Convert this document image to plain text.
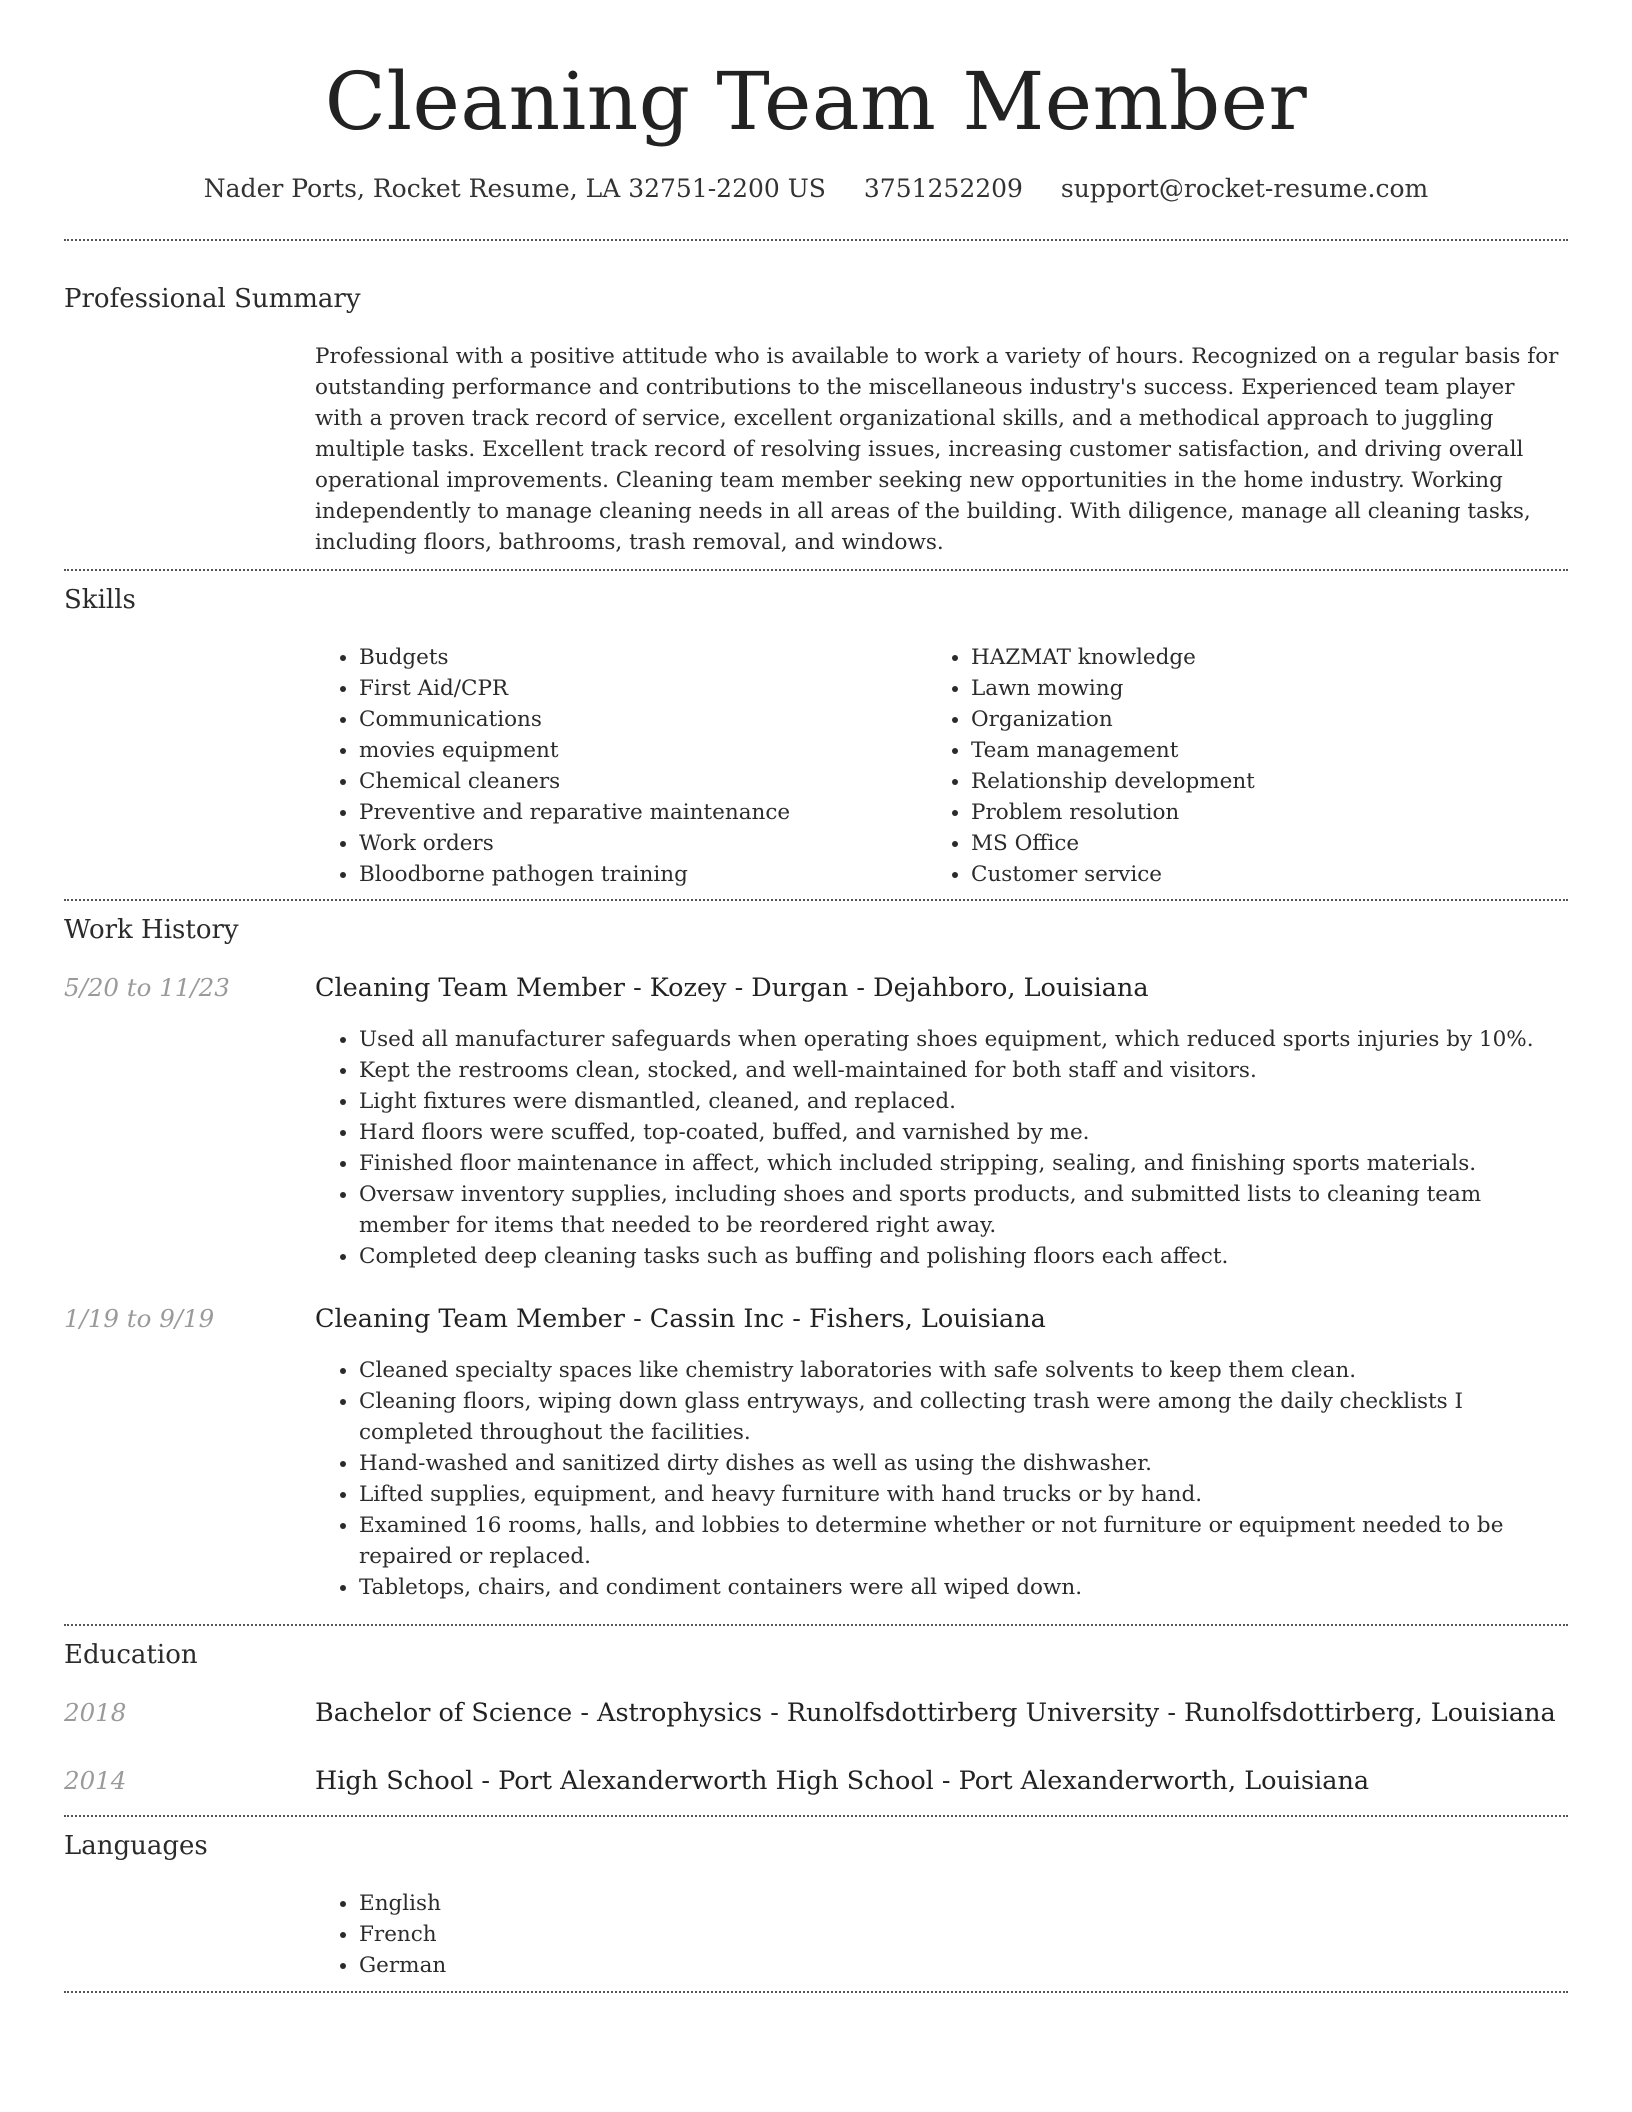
Cleaning Team Member
Nader Ports, Rocket Resume, LA 32751-2200 US 3751252209 support@rocket-resume.com
Professional Summary

Professional with a positive attitude who is available to work a variety of hours. Recognized on a regular basis for outstanding performance and contributions to the miscellaneous industry's success. Experienced team player with a proven track record of service, excellent organizational skills, and a methodical approach to juggling multiple tasks. Excellent track record of resolving issues, increasing customer satisfaction, and driving overall operational improvements. Cleaning team member seeking new opportunities in the home industry. Working independently to manage cleaning needs in all areas of the building. With diligence, manage all cleaning tasks, including floors, bathrooms, trash removal, and windows.

Skills
• Budgets
• First Aid/CPR
• Communications
• movies equipment
• Chemical cleaners
• Preventive and reparative maintenance
• Work orders
• Bloodborne pathogen training
• HAZMAT knowledge
• Lawn mowing
• Organization
• Team management
• Relationship development
• Problem resolution
• MS Office
• Customer service
Work History
5/20 to 11/23	Cleaning Team Member - Kozey - Durgan - Dejahboro, Louisiana
• Used all manufacturer safeguards when operating shoes equipment, which reduced sports injuries by 10%.
• Kept the restrooms clean, stocked, and well-maintained for both staff and visitors.
• Light fixtures were dismantled, cleaned, and replaced.
• Hard floors were scuffed, top-coated, buffed, and varnished by me.
• Finished floor maintenance in affect, which included stripping, sealing, and finishing sports materials.
• Oversaw inventory supplies, including shoes and sports products, and submitted lists to cleaning team member for items that needed to be reordered right away.
• Completed deep cleaning tasks such as buffing and polishing floors each affect.
1/19 to 9/19	Cleaning Team Member - Cassin Inc - Fishers, Louisiana
• Cleaned specialty spaces like chemistry laboratories with safe solvents to keep them clean.
• Cleaning floors, wiping down glass entryways, and collecting trash were among the daily checklists I completed throughout the facilities.
• Hand-washed and sanitized dirty dishes as well as using the dishwasher.
• Lifted supplies, equipment, and heavy furniture with hand trucks or by hand.
• Examined 16 rooms, halls, and lobbies to determine whether or not furniture or equipment needed to be repaired or replaced.
• Tabletops, chairs, and condiment containers were all wiped down.
Education
2018	Bachelor of Science - Astrophysics - Runolfsdottirberg University - Runolfsdottirberg, Louisiana
2014	High School - Port Alexanderworth High School - Port Alexanderworth, Louisiana
Languages
• English
• French
• German
